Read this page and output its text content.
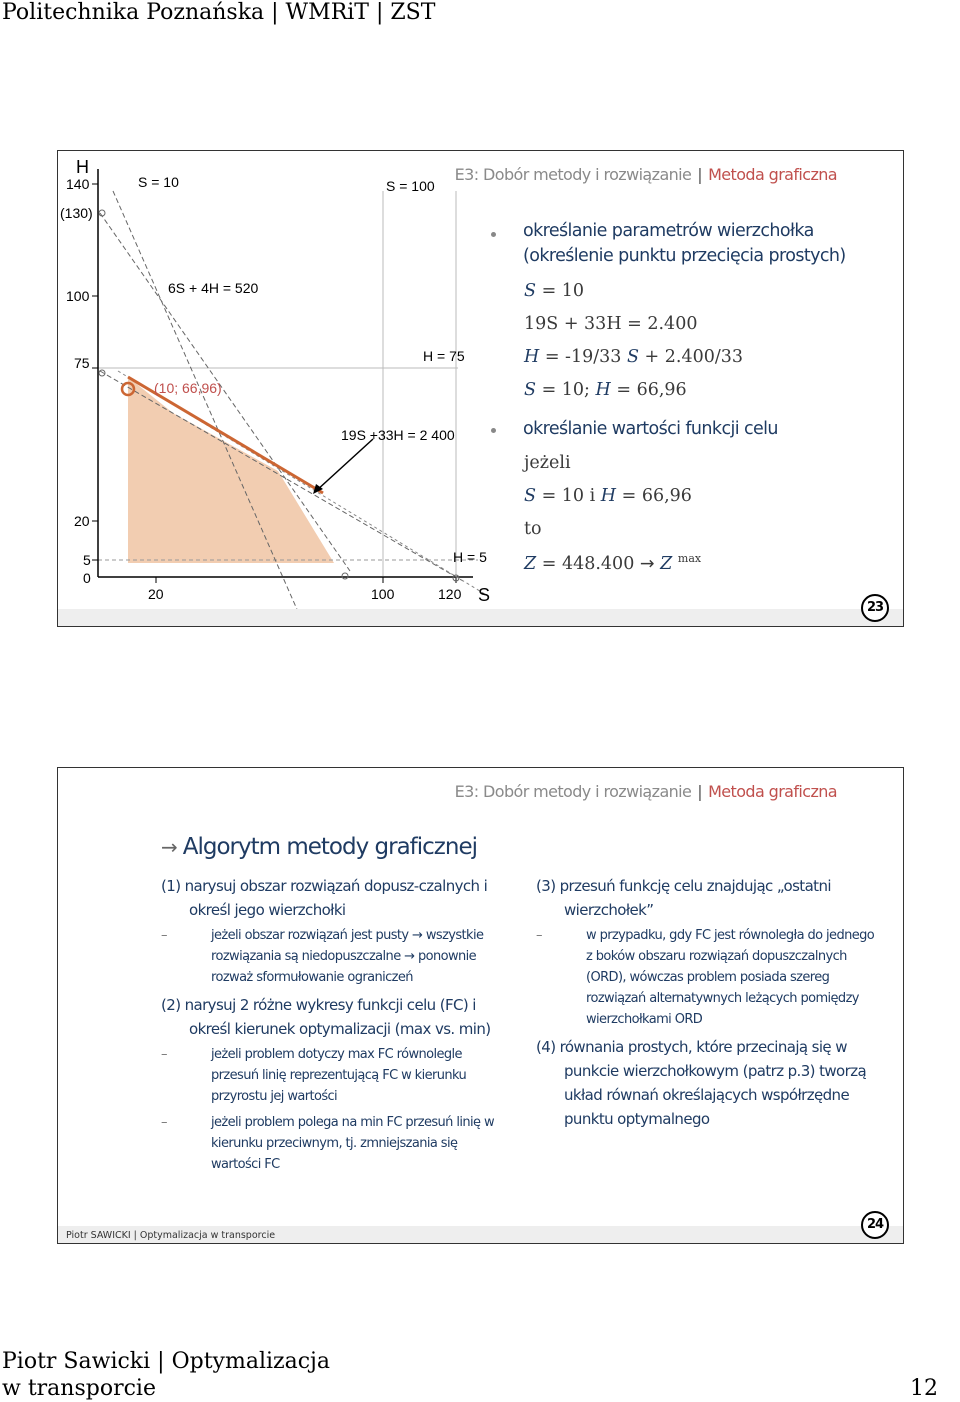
Politechnika Poznańska | WMRiT | ZST
H
S
140
(130)
100
75
20
5
0
20	100	120
S = 10	S = 100
6S + 4H = 520
H = 75
(10; 66,96)
19S +33H = 2 400
H = 5
E3: Dobór metody i rozwiązanie | Metoda graficzna
określanie parametrów wierzchołka (określenie punktu przecięcia prostych)
S = 10
19S + 33H = 2.400
H = -19/33 S + 2.400/33
S = 10; H = 66,96
określanie wartości funkcji celu
jeżeli
S = 10 i H = 66,96
to
Z = 448.400 → Z $^{max}$
23
E3: Dobór metody i rozwiązanie | Metoda graficzna
→ Algorytm metody graficznej

(1) narysuj obszar rozwiązań dopusz-czalnych i określ jego wierzchołki

–	jeżeli obszar rozwiązań jest pusty → wszystkie rozwiązania są niedopuszczalne → ponownie rozważ sformułowanie ograniczeń

(2) narysuj 2 różne wykresy funkcji celu (FC) i określ kierunek optymalizacji (max vs. min)

–	jeżeli problem dotyczy max FC równolegle przesuń linię reprezentującą FC w kierunku przyrostu jej wartości

–	jeżeli problem polega na min FC przesuń linię w kierunku przeciwnym, tj. zmniejszania się wartości FC

(3) przesuń funkcję celu znajdując „ostatni wierzchołek”

–	w przypadku, gdy FC jest równoległa do jednego z boków obszaru rozwiązań dopuszczalnych (ORD), wówczas problem posiada szereg rozwiązań alternatywnych leżących pomiędzy wierzchołkami ORD

(4) równania prostych, które przecinają się w punkcie wierzchołkowym (patrz p.3) tworzą układ równań określających współrzędne punktu optymalnego

Piotr SAWICKI | Optymalizacja w transporcie
24
Piotr Sawicki | Optymalizacja w transporcie	12
